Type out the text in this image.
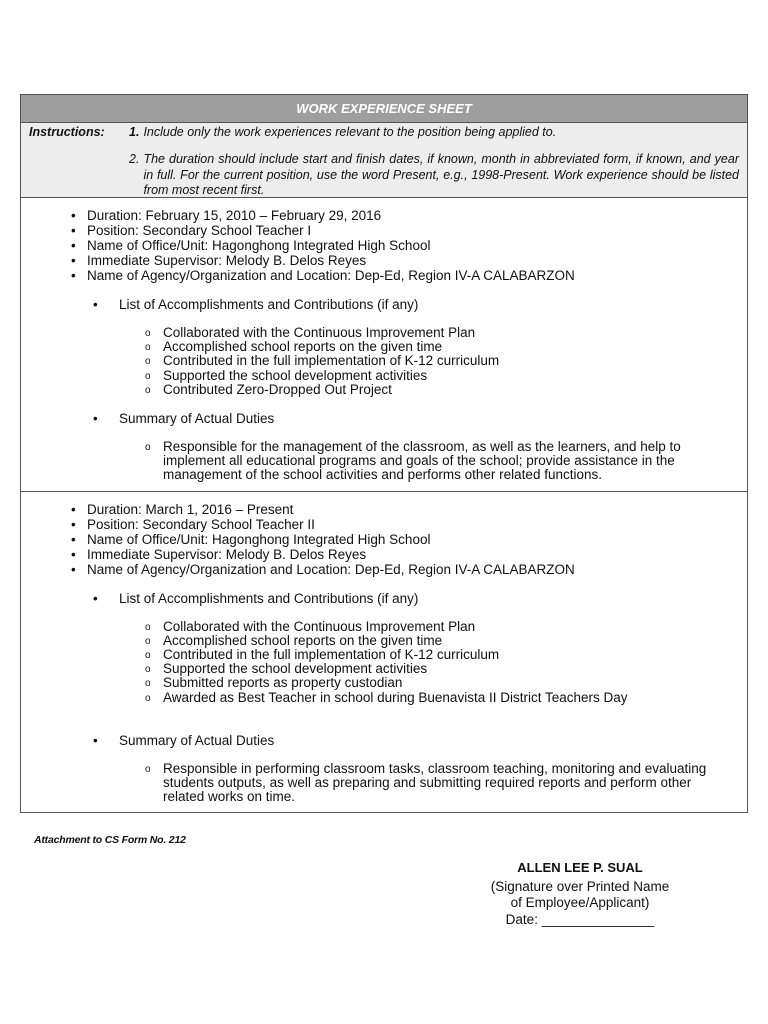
WORK EXPERIENCE SHEET
Instructions:	1. Include only the work experiences relevant to the position being applied to.
2. The duration should include start and finish dates, if known, month in abbreviated form, if known, and year in full. For the current position, use the word Present, e.g., 1998-Present. Work experience should be listed from most recent first.
• Duration: February 15, 2010 – February 29, 2016
• Position: Secondary School Teacher I
• Name of Office/Unit: Hagonghong Integrated High School
• Immediate Supervisor: Melody B. Delos Reyes
• Name of Agency/Organization and Location: Dep-Ed, Region IV-A CALABARZON
• List of Accomplishments and Contributions (if any)
o Collaborated with the Continuous Improvement Plan
o Accomplished school reports on the given time
o Contributed in the full implementation of K-12 curriculum
o Supported the school development activities
o Contributed Zero-Dropped Out Project
• Summary of Actual Duties
o Responsible for the management of the classroom, as well as the learners, and help to implement all educational programs and goals of the school; provide assistance in the management of the school activities and performs other related functions.
• Duration: March 1, 2016 – Present
• Position: Secondary School Teacher II
• Name of Office/Unit: Hagonghong Integrated High School
• Immediate Supervisor: Melody B. Delos Reyes
• Name of Agency/Organization and Location: Dep-Ed, Region IV-A CALABARZON
• List of Accomplishments and Contributions (if any)
o Collaborated with the Continuous Improvement Plan
o Accomplished school reports on the given time
o Contributed in the full implementation of K-12 curriculum
o Supported the school development activities
o Submitted reports as property custodian
o Awarded as Best Teacher in school during Buenavista II District Teachers Day
• Summary of Actual Duties
o Responsible in performing classroom tasks, classroom teaching, monitoring and evaluating students outputs, as well as preparing and submitting required reports and perform other related works on time.
Attachment to CS Form No. 212
ALLEN LEE P. SUAL
(Signature over Printed Name
of Employee/Applicant)
Date: _______________
